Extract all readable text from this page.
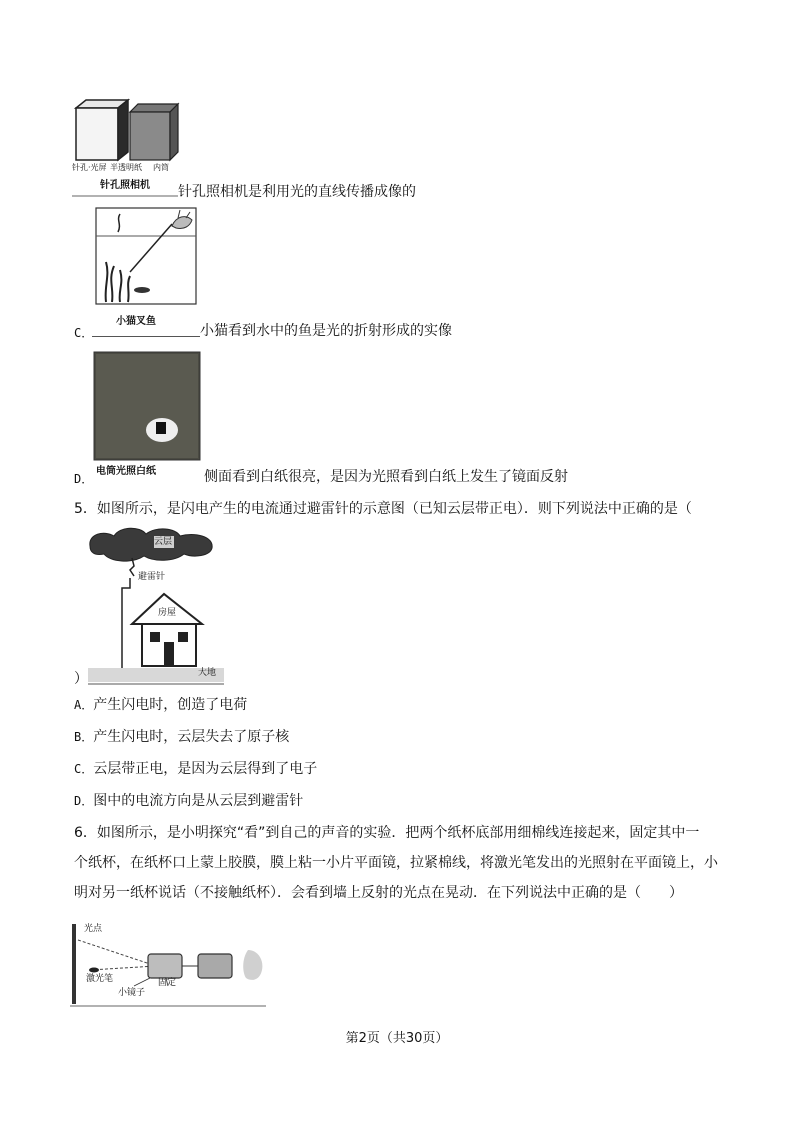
针孔·光屏 半透明纸 内筒
针孔照相机 针孔照相机是利用光的直线传播成像的
小猫叉鱼
C．	小猫看到水中的鱼是光的折射形成的实像
电筒光照白纸
D．	侧面看到白纸很亮，是因为光照看到白纸上发生了镜面反射
5．如图所示，是闪电产生的电流通过避雷针的示意图（已知云层带正电）．则下列说法中正确的是（
云层
避雷针
房屋
大地
）
A．产生闪电时，创造了电荷
B．产生闪电时，云层失去了原子核
C．云层带正电，是因为云层得到了电子
D．图中的电流方向是从云层到避雷针
6．如图所示，是小明探究“看”到自己的声音的实验．把两个纸杯底部用细棉线连接起来，固定其中一
个纸杯，在纸杯口上蒙上胶膜，膜上粘一小片平面镜，拉紧棉线，将激光笔发出的光照射在平面镜上，小
明对另一纸杯说话（不接触纸杯）．会看到墙上反射的光点在晃动．在下列说法中正确的是（　　）
光点
激光笔
小镜子
固定
第2页（共30页）
